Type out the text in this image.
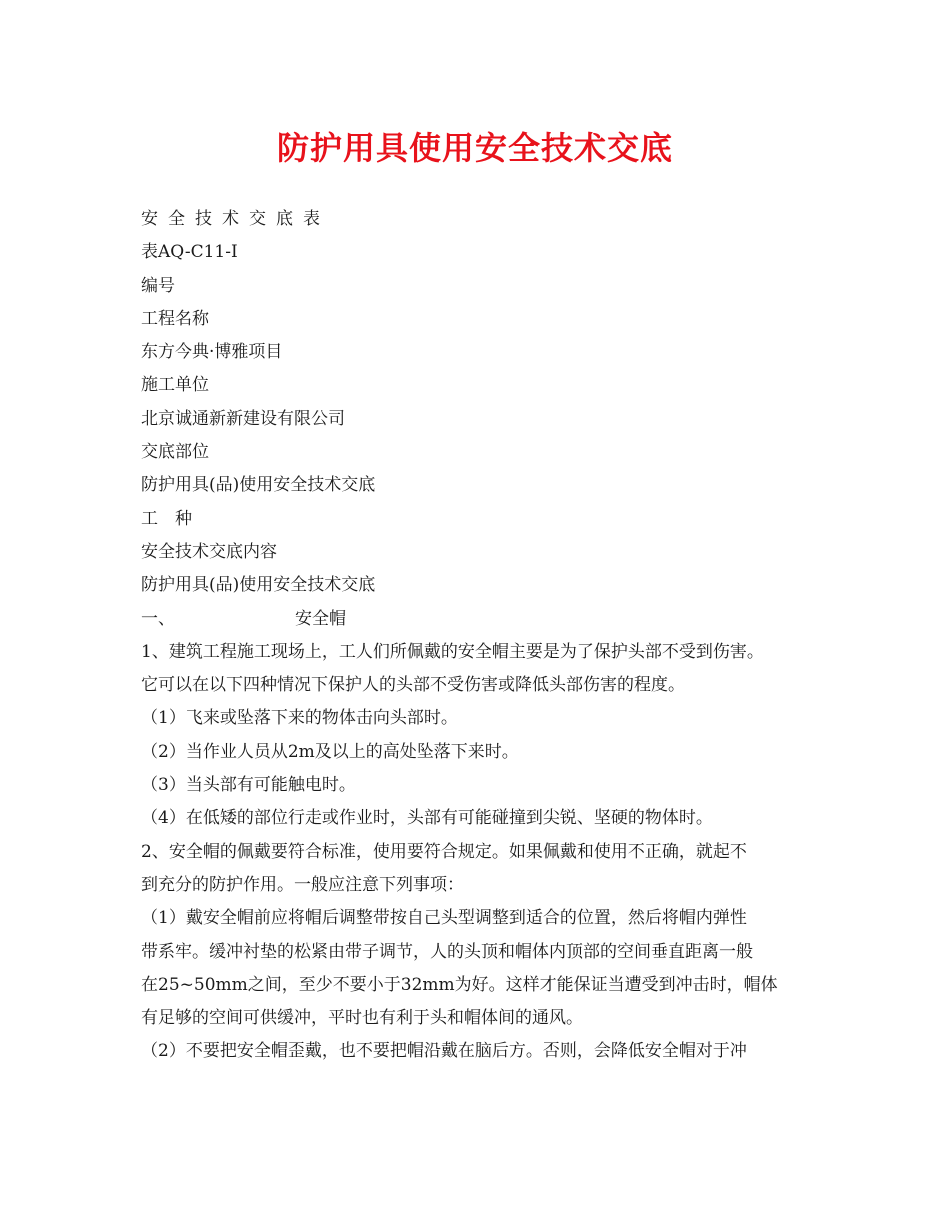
防护用具使用安全技术交底
安全技术交底表
表AQ-C11-I
编号
工程名称
东方今典·博雅项目
施工单位
北京诚通新新建设有限公司
交底部位
防护用具(品)使用安全技术交底
工　种
安全技术交底内容
防护用具(品)使用安全技术交底
一、	安全帽
1、建筑工程施工现场上，工人们所佩戴的安全帽主要是为了保护头部不受到伤害。
它可以在以下四种情况下保护人的头部不受伤害或降低头部伤害的程度。
（1）飞来或坠落下来的物体击向头部时。
（2）当作业人员从2m及以上的高处坠落下来时。
（3）当头部有可能触电时。
（4）在低矮的部位行走或作业时，头部有可能碰撞到尖锐、坚硬的物体时。
2、安全帽的佩戴要符合标准，使用要符合规定。如果佩戴和使用不正确，就起不
到充分的防护作用。一般应注意下列事项：
（1）戴安全帽前应将帽后调整带按自己头型调整到适合的位置，然后将帽内弹性
带系牢。缓冲衬垫的松紧由带子调节，人的头顶和帽体内顶部的空间垂直距离一般
在25~50mm之间，至少不要小于32mm为好。这样才能保证当遭受到冲击时，帽体
有足够的空间可供缓冲，平时也有利于头和帽体间的通风。
（2）不要把安全帽歪戴，也不要把帽沿戴在脑后方。否则，会降低安全帽对于冲
